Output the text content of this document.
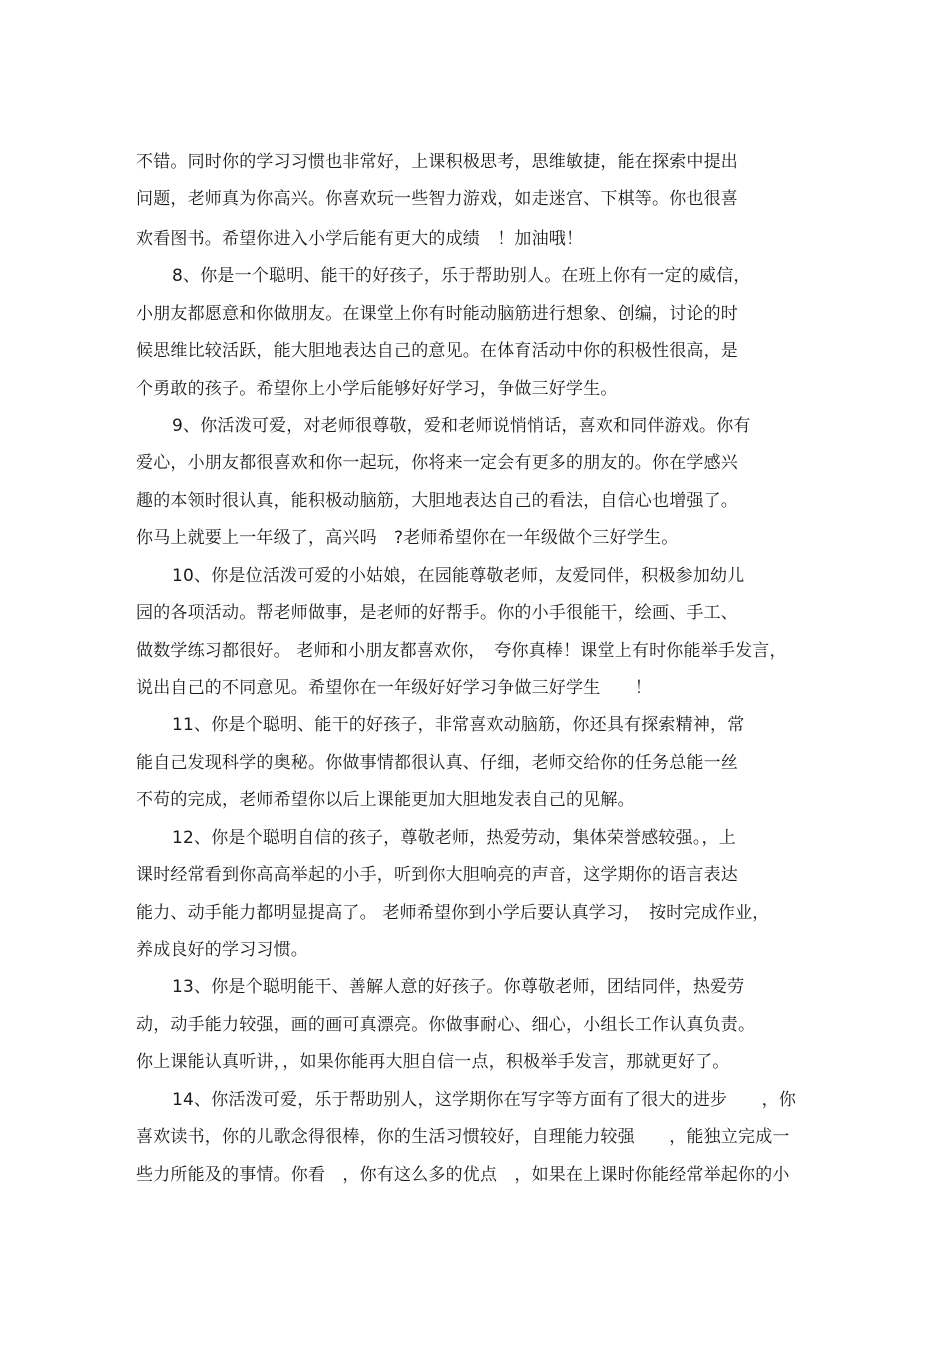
不错。同时你的学习习惯也非常好，上课积极思考，思维敏捷，能在探索中提出
问题，老师真为你高兴。你喜欢玩一些智力游戏，如走迷宫、下棋等。你也很喜
欢看图书。希望你进入小学后能有更大的成绩　！加油哦！
8、你是一个聪明、能干的好孩子，乐于帮助别人。在班上你有一定的威信，
小朋友都愿意和你做朋友。在课堂上你有时能动脑筋进行想象、创编，讨论的时
候思维比较活跃，能大胆地表达自己的意见。在体育活动中你的积极性很高，是
个勇敢的孩子。希望你上小学后能够好好学习，争做三好学生。
9、你活泼可爱，对老师很尊敬，爱和老师说悄悄话，喜欢和同伴游戏。你有
爱心，小朋友都很喜欢和你一起玩，你将来一定会有更多的朋友的。你在学感兴
趣的本领时很认真，能积极动脑筋，大胆地表达自己的看法，自信心也增强了。
你马上就要上一年级了，高兴吗　?老师希望你在一年级做个三好学生。
10、你是位活泼可爱的小姑娘，在园能尊敬老师，友爱同伴，积极参加幼儿
园的各项活动。帮老师做事，是老师的好帮手。你的小手很能干，绘画、手工、
做数学练习都很好。 老师和小朋友都喜欢你，　夸你真棒！课堂上有时你能举手发言，
说出自己的不同意见。希望你在一年级好好学习争做三好学生　　！
11、你是个聪明、能干的好孩子，非常喜欢动脑筋，你还具有探索精神，常
能自己发现科学的奥秘。你做事情都很认真、仔细，老师交给你的任务总能一丝
不苟的完成，老师希望你以后上课能更加大胆地发表自己的见解。
12、你是个聪明自信的孩子，尊敬老师，热爱劳动，集体荣誉感较强。，上
课时经常看到你高高举起的小手，听到你大胆响亮的声音，这学期你的语言表达
能力、动手能力都明显提高了。 老师希望你到小学后要认真学习，　按时完成作业，
养成良好的学习习惯。
13、你是个聪明能干、善解人意的好孩子。你尊敬老师，团结同伴，热爱劳
动，动手能力较强，画的画可真漂亮。你做事耐心、细心，小组长工作认真负责。
你上课能认真听讲，，如果你能再大胆自信一点，积极举手发言，那就更好了。
14、你活泼可爱，乐于帮助别人，这学期你在写字等方面有了很大的进步　　，你
喜欢读书，你的儿歌念得很棒，你的生活习惯较好，自理能力较强　　，能独立完成一
些力所能及的事情。你看　，你有这么多的优点　，如果在上课时你能经常举起你的小
